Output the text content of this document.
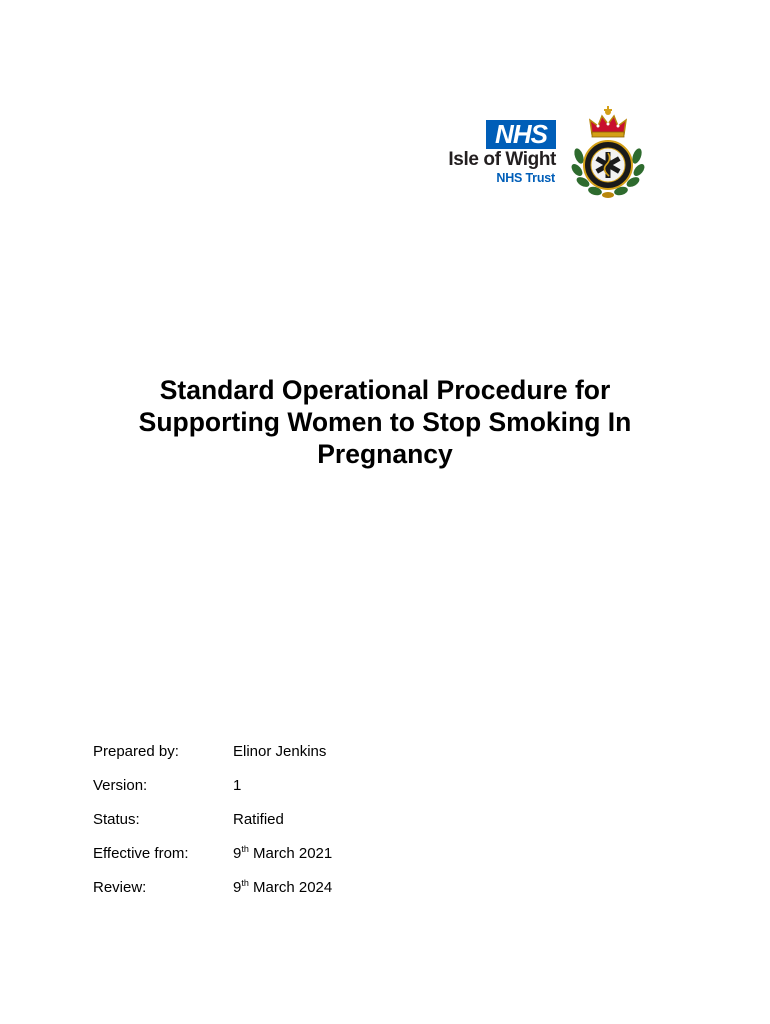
NHS
Isle of Wight
NHS Trust
Standard Operational Procedure for
Supporting Women to Stop Smoking In
Pregnancy
Prepared by:	Elinor Jenkins
Version:	1
Status:	Ratified
Effective from:	9th March 2021
Review:	9th March 2024
